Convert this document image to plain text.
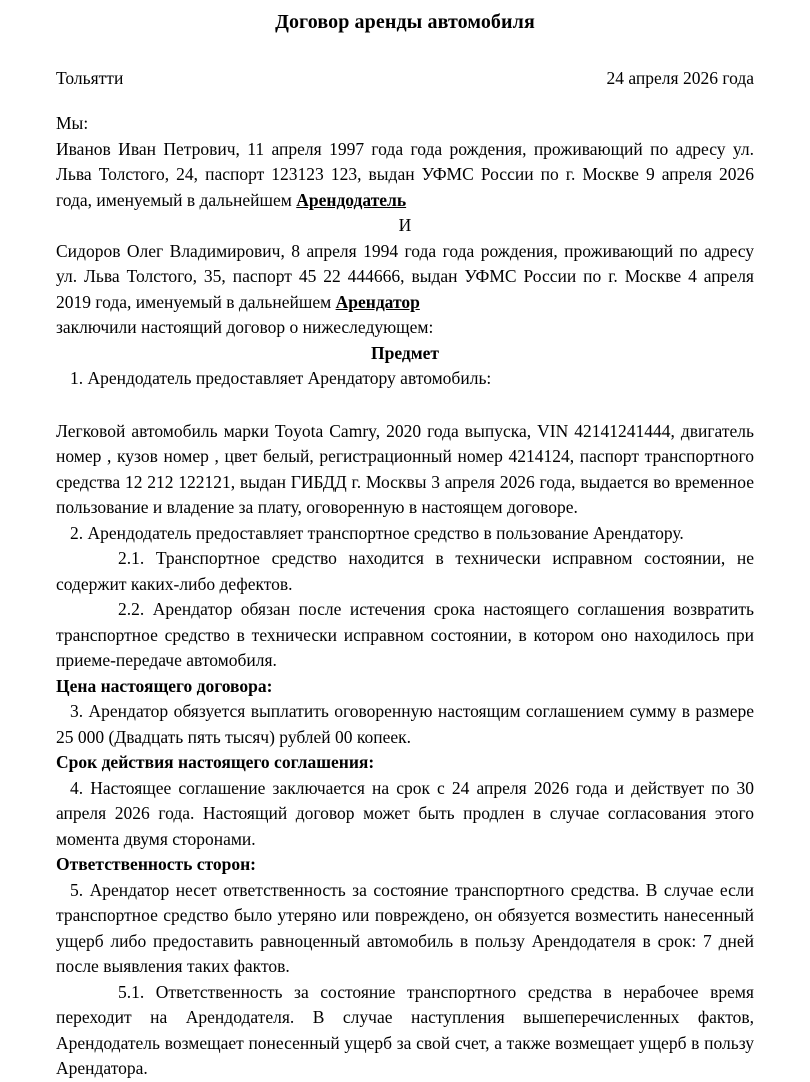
Договор аренды автомобиля
Тольятти	24 апреля 2026 года

Мы:

Иванов Иван Петрович, 11 апреля 1997 года года рождения, проживающий по адресу ул. Льва Толстого, 24, паспорт 123123 123, выдан УФМС России по г. Москве 9 апреля 2026 года, именуемый в дальнейшем Арендодатель

И

Сидоров Олег Владимирович, 8 апреля 1994 года года рождения, проживающий по адресу ул. Льва Толстого, 35, паспорт 45 22 444666, выдан УФМС России по г. Москве 4 апреля 2019 года, именуемый в дальнейшем Арендатор

заключили настоящий договор о нижеследующем:

Предмет

1. Арендодатель предоставляет Арендатору автомобиль:

Легковой автомобиль марки Toyota Camry, 2020 года выпуска, VIN 42141241444, двигатель номер , кузов номер , цвет белый, регистрационный номер 4214124, паспорт транспортного средства 12 212 122121, выдан ГИБДД г. Москвы 3 апреля 2026 года, выдается во временное пользование и владение за плату, оговоренную в настоящем договоре.

2. Арендодатель предоставляет транспортное средство в пользование Арендатору.

2.1. Транспортное средство находится в технически исправном состоянии, не содержит каких-либо дефектов.

2.2. Арендатор обязан после истечения срока настоящего соглашения возвратить транспортное средство в технически исправном состоянии, в котором оно находилось при приеме-передаче автомобиля.

Цена настоящего договора:

3. Арендатор обязуется выплатить оговоренную настоящим соглашением сумму в размере 25 000 (Двадцать пять тысяч) рублей 00 копеек.

Срок действия настоящего соглашения:

4. Настоящее соглашение заключается на срок с 24 апреля 2026 года и действует по 30 апреля 2026 года. Настоящий договор может быть продлен в случае согласования этого момента двумя сторонами.

Ответственность сторон:

5. Арендатор несет ответственность за состояние транспортного средства. В случае если транспортное средство было утеряно или повреждено, он обязуется возместить нанесенный ущерб либо предоставить равноценный автомобиль в пользу Арендодателя в срок: 7 дней после выявления таких фактов.

5.1. Ответственность за состояние транспортного средства в нерабочее время переходит на Арендодателя. В случае наступления вышеперечисленных фактов, Арендодатель возмещает понесенный ущерб за свой счет, а также возмещает ущерб в пользу Арендатора.
